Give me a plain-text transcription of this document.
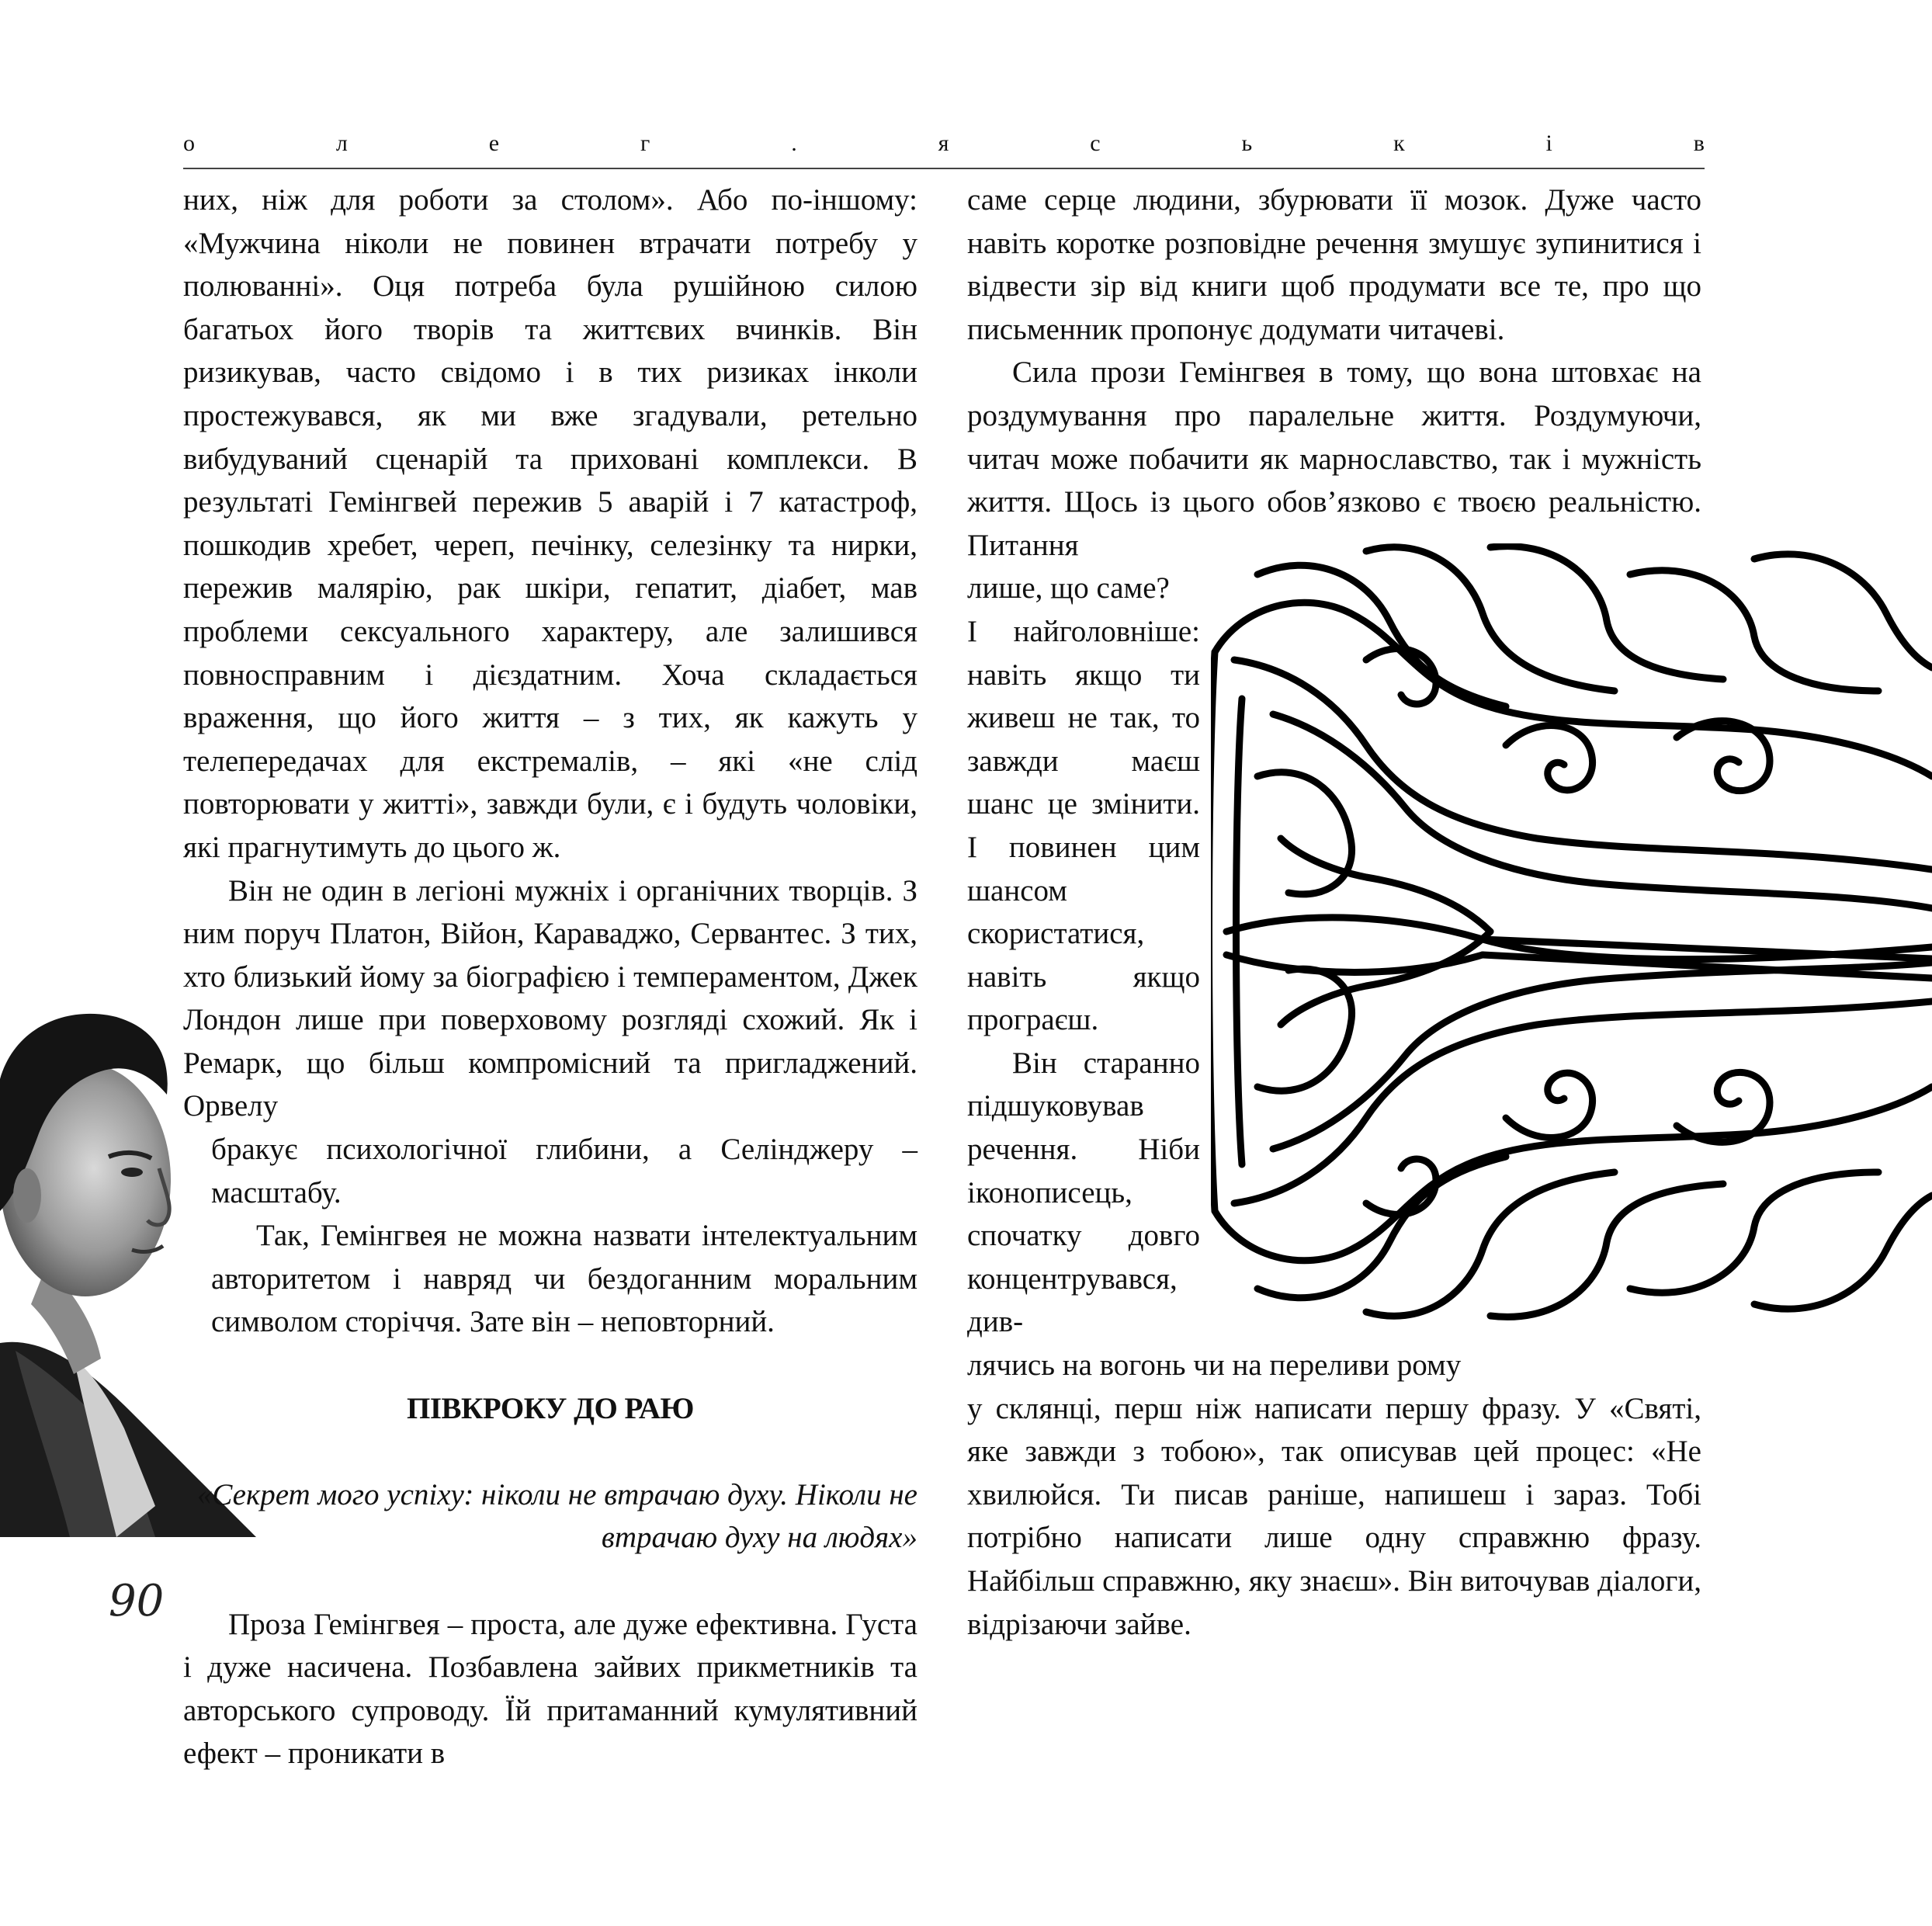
о	л	е	г	.	я	с	ь	к	і	в

них, ніж для роботи за столом». Або по-іншому: «Мужчина ніколи не повинен втрачати потребу у полюванні». Оця потреба була рушійною силою багатьох його творів та життєвих вчинків. Він ризикував, часто свідомо і в тих ризиках інколи простежувався, як ми вже згадували, ретельно вибудуваний сценарій та приховані комплекси. В результаті Гемінгвей пережив 5 аварій і 7 катастроф, пошкодив хребет, череп, печінку, селезінку та нирки, пережив малярію, рак шкіри, гепатит, діабет, мав проблеми сексуального характеру, але залишився повносправним і дієздатним. Хоча складається враження, що його життя – з тих, як кажуть у телепередачах для екстремалів, – які «не слід повторювати у житті», завжди були, є і будуть чоловіки, які прагнутимуть до цього ж.

Він не один в легіоні мужніх і органічних творців. З ним поруч Платон, Війон, Караваджо, Сервантес. З тих, хто близький йому за біографією і темпераментом, Джек Лондон лише при поверховому розгляді схожий. Як і Ремарк, що більш компромісний та пригладжений. Орвелу

бракує психологічної глибини, а Селінджеру – масштабу.

Так, Гемінгвея не можна назвати інтелектуальним авторитетом і навряд чи бездоганним моральним символом сторіччя. Зате він – неповторний.

ПІВКРОКУ ДО РАЮ

«Секрет мого успіху: ніколи не втрачаю духу. Ніколи не втрачаю духу на людях»

Проза Гемінгвея – проста, але дуже ефективна. Густа і дуже насичена. Позбавлена зайвих прикметників та авторського супроводу. Їй притаманний кумулятивний ефект – проникати в

саме серце людини, збурювати її мозок. Дуже часто навіть коротке розповідне речення змушує зупинитися і відвести зір від книги щоб продумати все те, про що письменник пропонує додумати читачеві.

Сила прози Гемінгвея в тому, що вона штовхає на роздумування про паралельне життя. Роздумуючи, читач може побачити як марнославство, так і мужність життя. Щось із цього обов’язково є твоєю реальністю. Питання

лише, що саме?

І найголовніше: навіть якщо ти живеш не так, то завжди маєш шанс це змінити. І повинен цим шансом скористатися, навіть якщо програєш.

Він старанно підшуковував речення. Ніби іконописець, спочатку довго концентрувався, див-

лячись на вогонь чи на переливи рому

у склянці, перш ніж написати першу фразу. У «Святі, яке завжди з тобою», так описував цей процес: «Не хвилюйся. Ти писав раніше, напишеш і зараз. Тобі потрібно написати лише одну справжню фразу. Найбільш справжню, яку знаєш». Він виточував діалоги, відрізаючи зайве.

90
